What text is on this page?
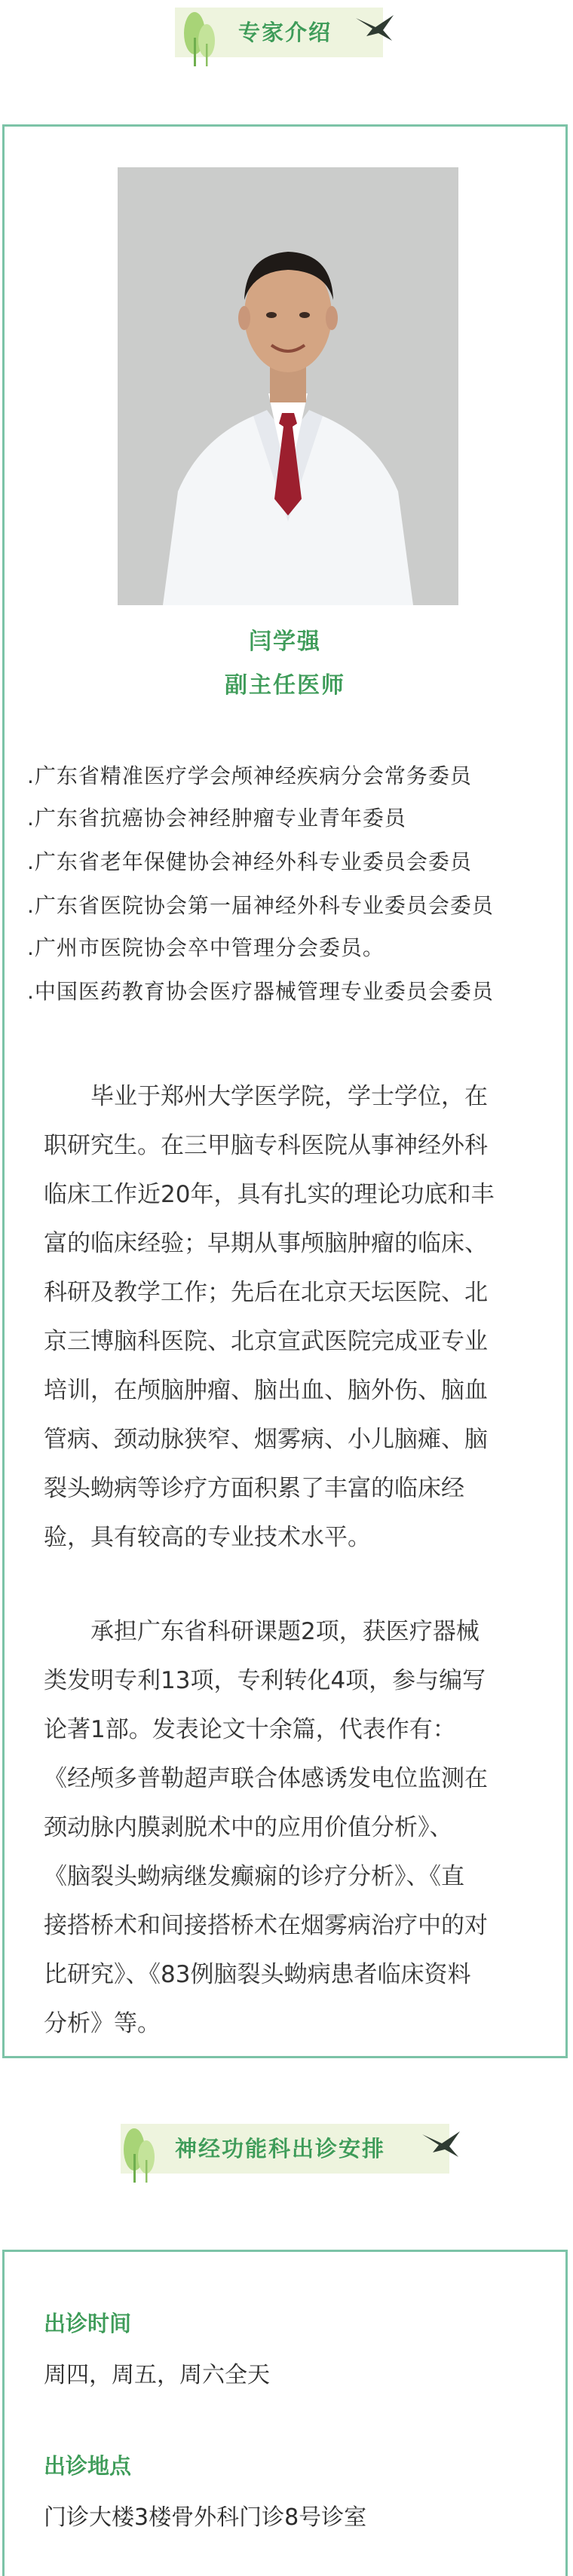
专家介绍
闫学强
副主任医师
.广东省精准医疗学会颅神经疾病分会常务委员
.广东省抗癌协会神经肿瘤专业青年委员
.广东省老年保健协会神经外科专业委员会委员
.广东省医院协会第一届神经外科专业委员会委员
.广州市医院协会卒中管理分会委员。
.中国医药教育协会医疗器械管理专业委员会委员
　　毕业于郑州大学医学院，学士学位，在
职研究生。在三甲脑专科医院从事神经外科
临床工作近20年，具有扎实的理论功底和丰
富的临床经验；早期从事颅脑肿瘤的临床、
科研及教学工作；先后在北京天坛医院、北
京三博脑科医院、北京宣武医院完成亚专业
培训，在颅脑肿瘤、脑出血、脑外伤、脑血
管病、颈动脉狭窄、烟雾病、小儿脑瘫、脑
裂头蚴病等诊疗方面积累了丰富的临床经
验，具有较高的专业技术水平。
　　承担广东省科研课题2项，获医疗器械
类发明专利13项，专利转化4项，参与编写
论著1部。发表论文十余篇，代表作有：
《经颅多普勒超声联合体感诱发电位监测在
颈动脉内膜剥脱术中的应用价值分析》、
《脑裂头蚴病继发癫痫的诊疗分析》、《直
接搭桥术和间接搭桥术在烟雾病治疗中的对
比研究》、《83例脑裂头蚴病患者临床资料
分析》等。
神经功能科出诊安排
出诊时间
周四，周五，周六全天
出诊地点
门诊大楼3楼骨外科门诊8号诊室
